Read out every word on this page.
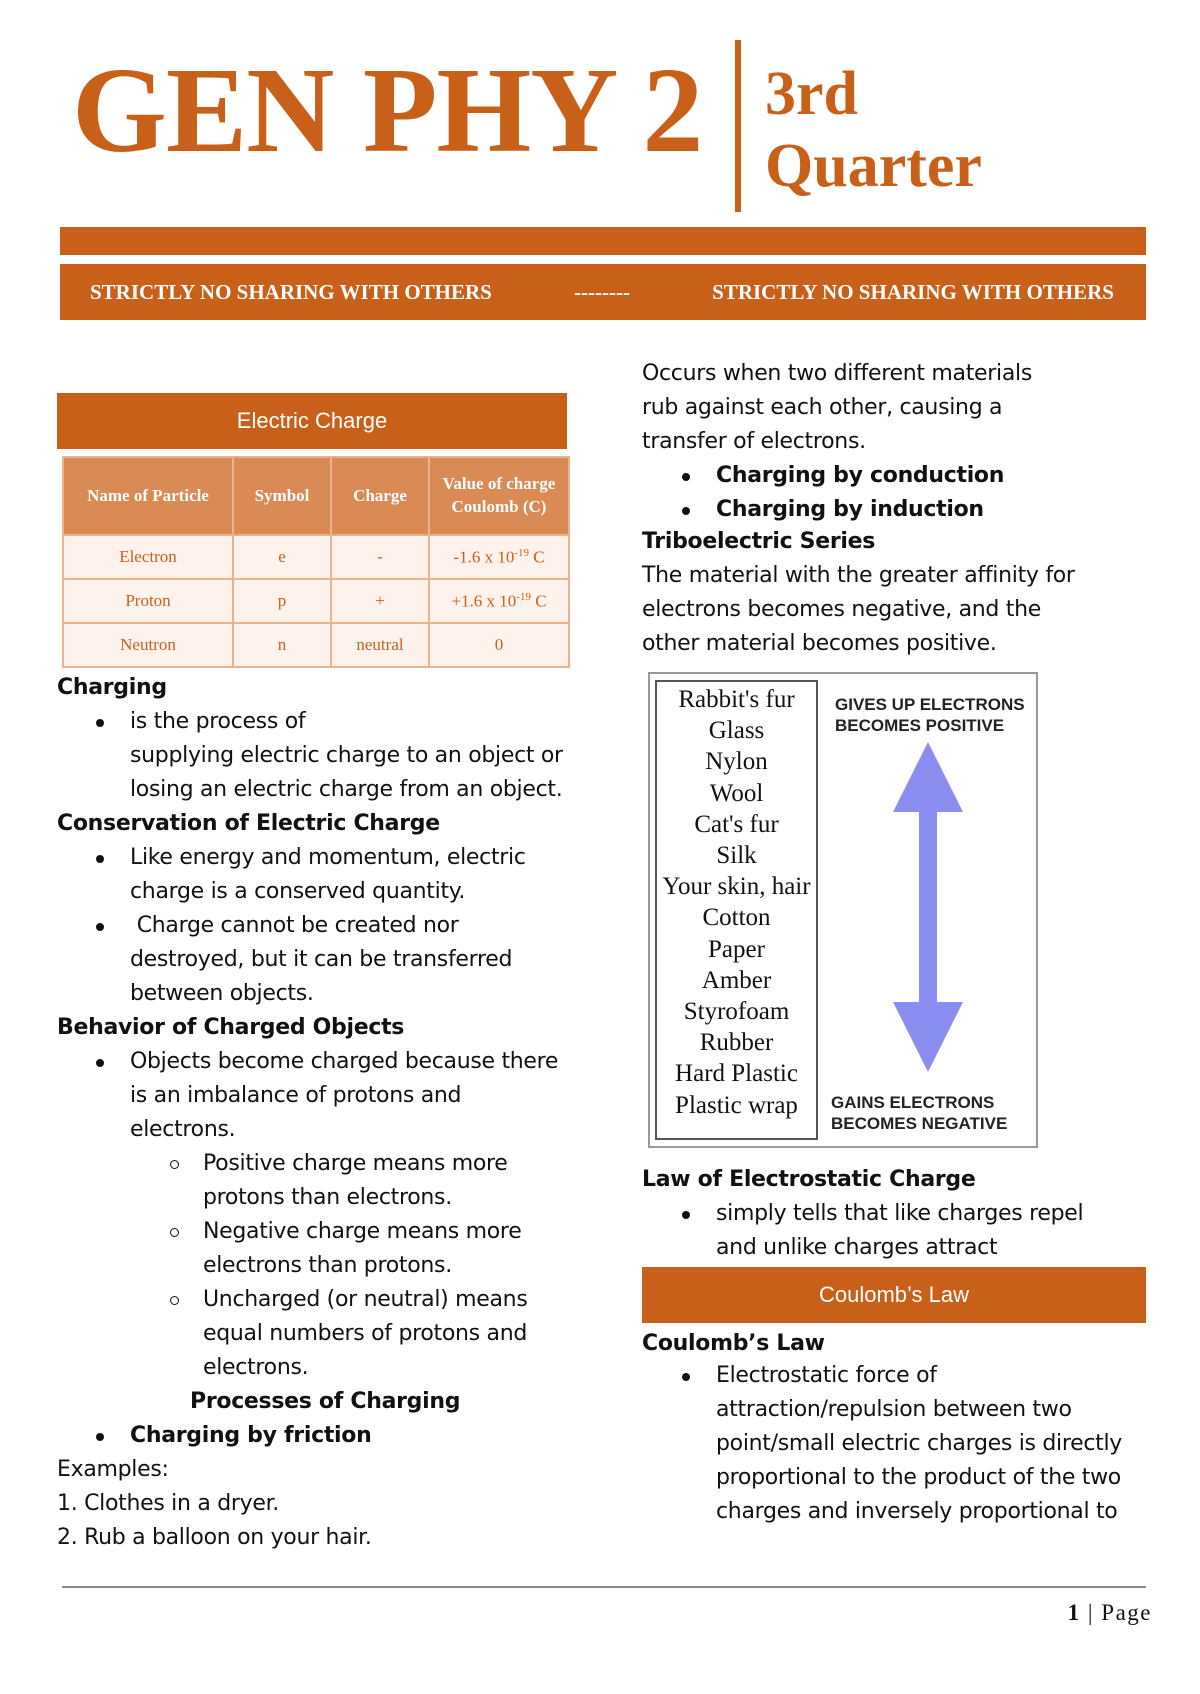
GEN PHY 2 3rd
Quarter
STRICTLY NO SHARING WITH OTHERS	--------	STRICTLY NO SHARING WITH OTHERS
Electric Charge
Name of Particle	Symbol	Charge	Value of charge Coulomb (C)
Electron	e	-	-1.6 x $10^{-19}$ C
Proton	p	+	+1.6 x $10^{-19}$ C
Neutron	n	neutral	0
Charging
is the process of
supplying electric charge to an object or
losing an electric charge from an object.
Conservation of Electric Charge
Like energy and momentum, electric
charge is a conserved quantity.
Charge cannot be created nor
destroyed, but it can be transferred
between objects.
Behavior of Charged Objects
Objects become charged because there
is an imbalance of protons and
electrons.
Positive charge means more
protons than electrons.
Negative charge means more
electrons than protons.
Uncharged (or neutral) means
equal numbers of protons and
electrons.
Processes of Charging
Charging by friction
Examples:
1. Clothes in a dryer.
2. Rub a balloon on your hair.
Occurs when two different materials
rub against each other, causing a
transfer of electrons.
Charging by conduction
Charging by induction
Triboelectric Series
The material with the greater affinity for
electrons becomes negative, and the
other material becomes positive.
Rabbit's fur
Glass
Nylon
Wool
Cat's fur
Silk
Your skin, hair
Cotton
Paper
Amber
Styrofoam
Rubber
Hard Plastic
Plastic wrap
GIVES UP ELECTRONS
BECOMES POSITIVE
GAINS ELECTRONS
BECOMES NEGATIVE
Law of Electrostatic Charge
simply tells that like charges repel
and unlike charges attract
Coulomb’s Law
Coulomb’s Law
Electrostatic force of
attraction/repulsion between two
point/small electric charges is directly
proportional to the product of the two
charges and inversely proportional to
1 | Page
